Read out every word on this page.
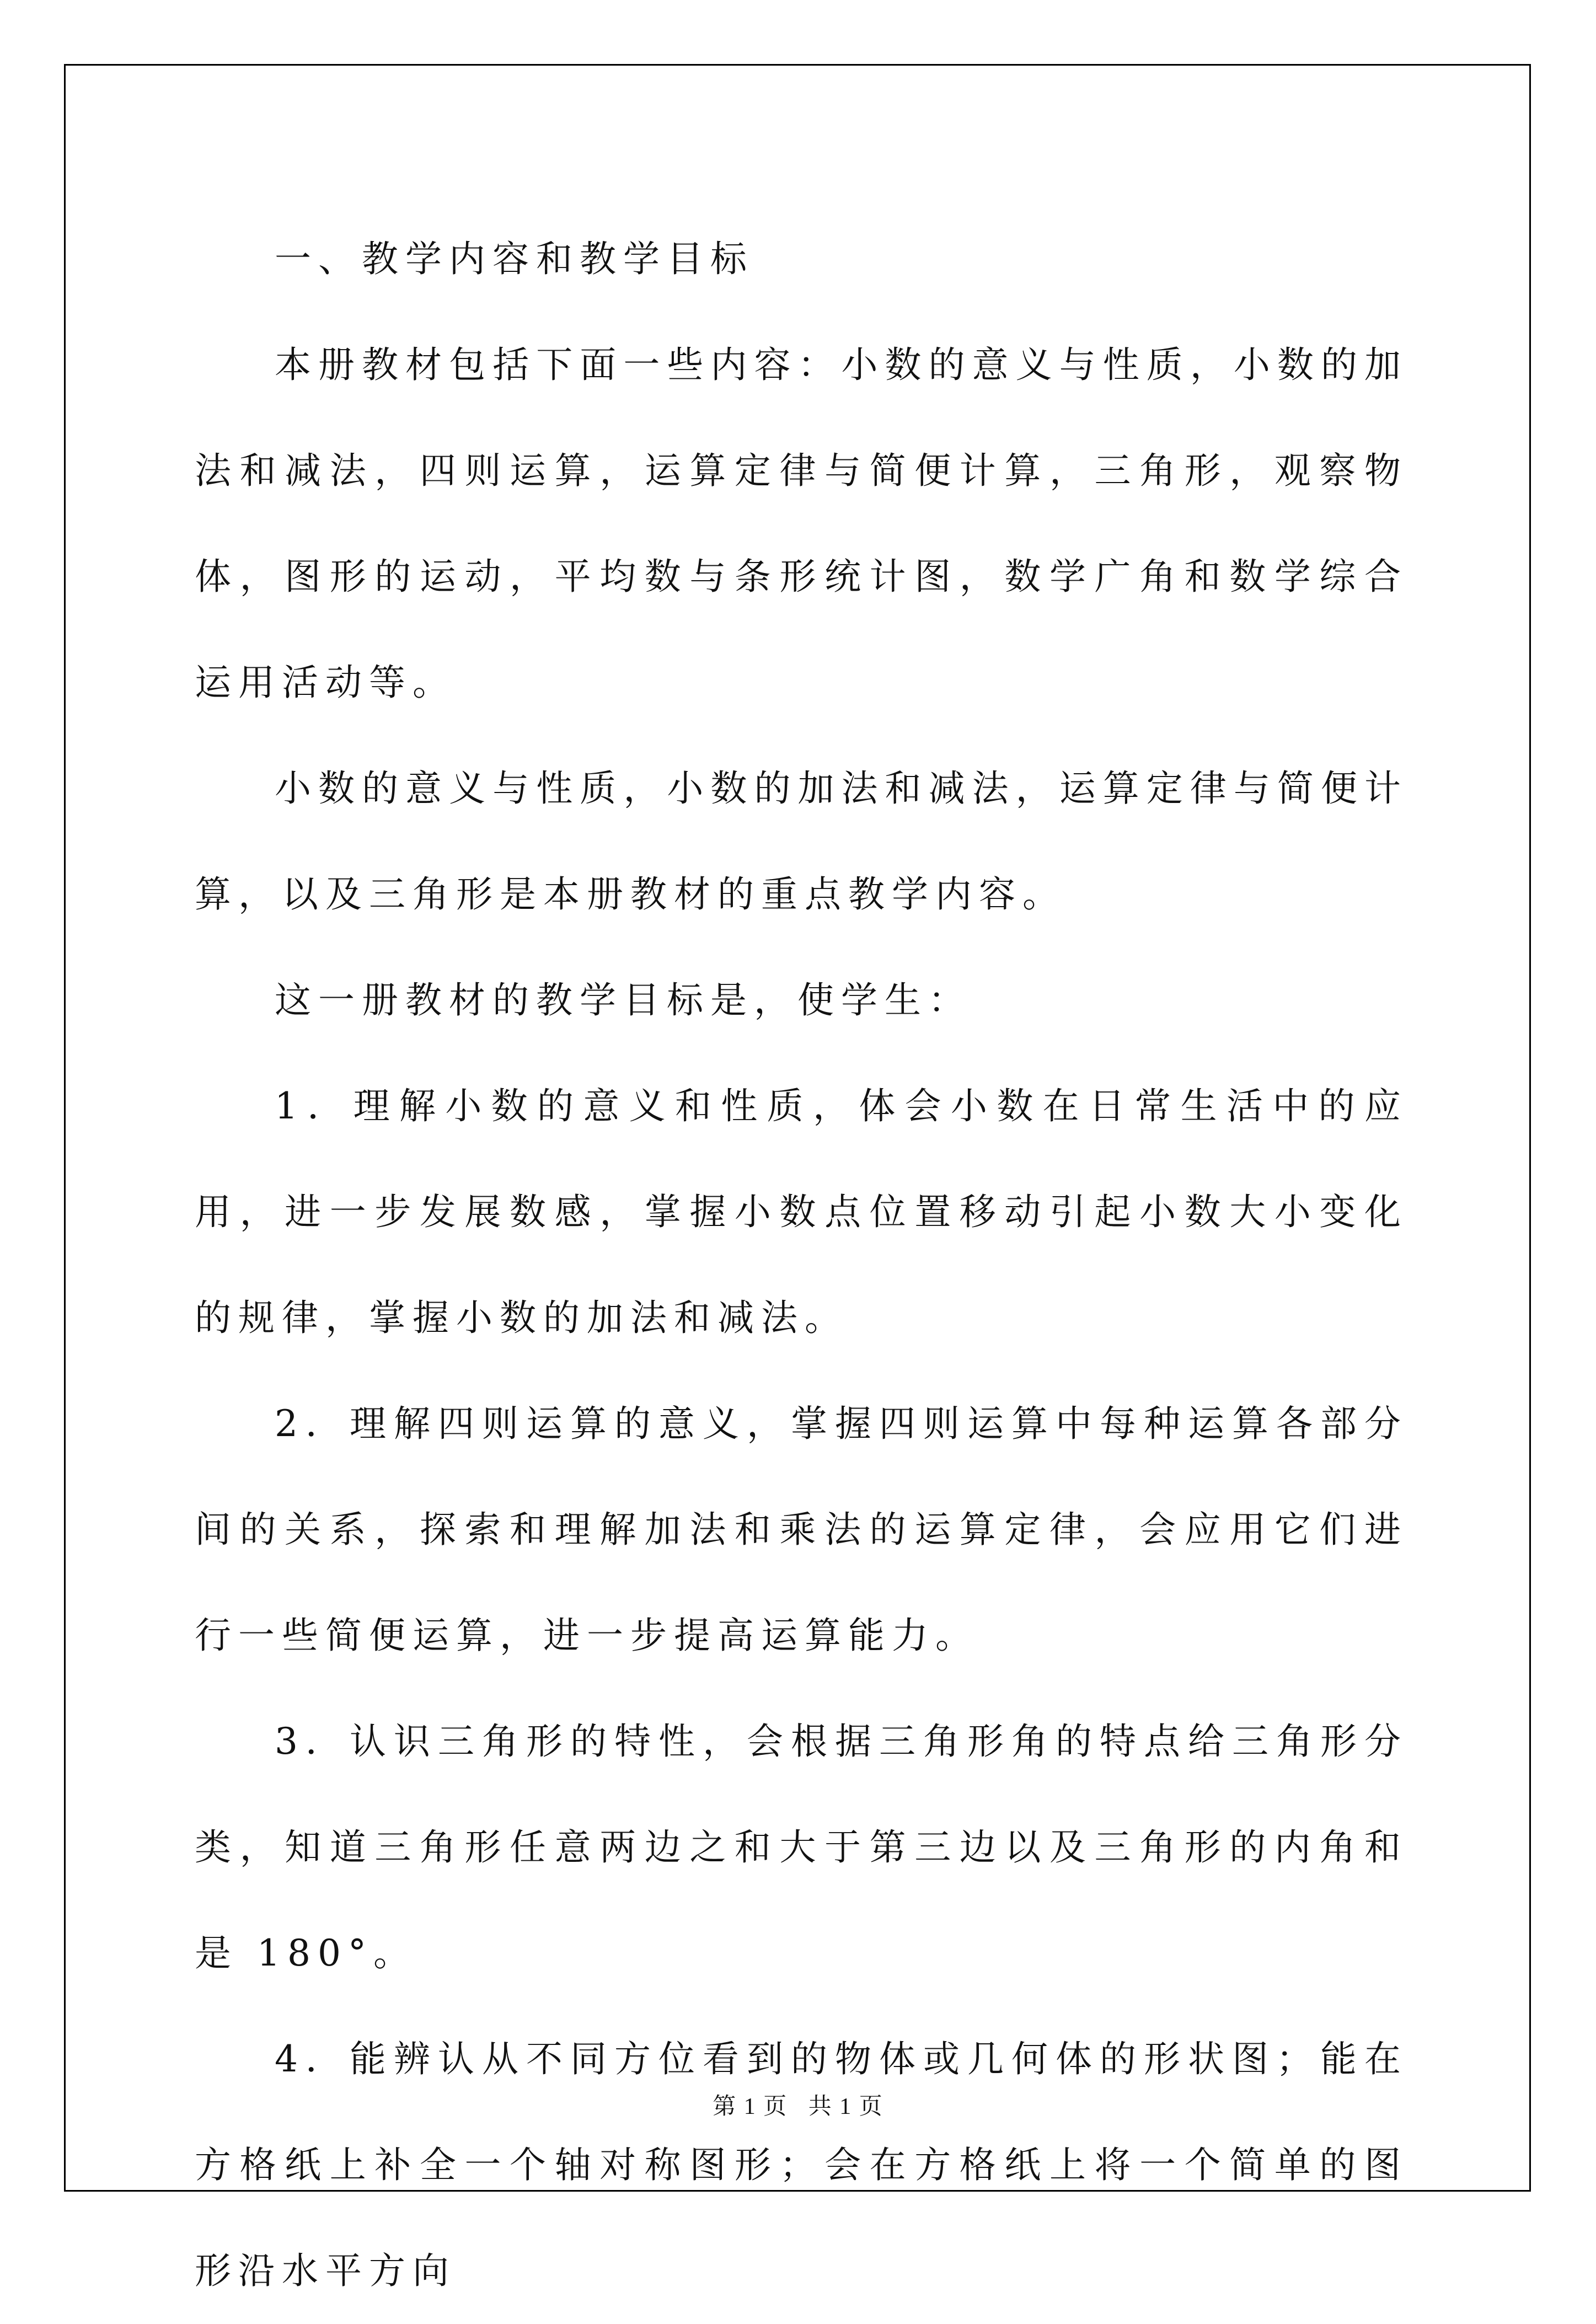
一、教学内容和教学目标

本册教材包括下面一些内容：小数的意义与性质，小数的加法和减法，四则运算，运算定律与简便计算，三角形，观察物体，图形的运动，平均数与条形统计图，数学广角和数学综合运用活动等。

小数的意义与性质，小数的加法和减法，运算定律与简便计算，以及三角形是本册教材的重点教学内容。

这一册教材的教学目标是，使学生：

1．理解小数的意义和性质，体会小数在日常生活中的应用，进一步发展数感，掌握小数点位置移动引起小数大小变化的规律，掌握小数的加法和减法。

2．理解四则运算的意义，掌握四则运算中每种运算各部分间的关系，探索和理解加法和乘法的运算定律，会应用它们进行一些简便运算，进一步提高运算能力。

3．认识三角形的特性，会根据三角形角的特点给三角形分类，知道三角形任意两边之和大于第三边以及三角形的内角和是 180°。

4．能辨认从不同方位看到的物体或几何体的形状图；能在方格纸上补全一个轴对称图形；会在方格纸上将一个简单的图形沿水平方向

第 1 页 共 1 页
